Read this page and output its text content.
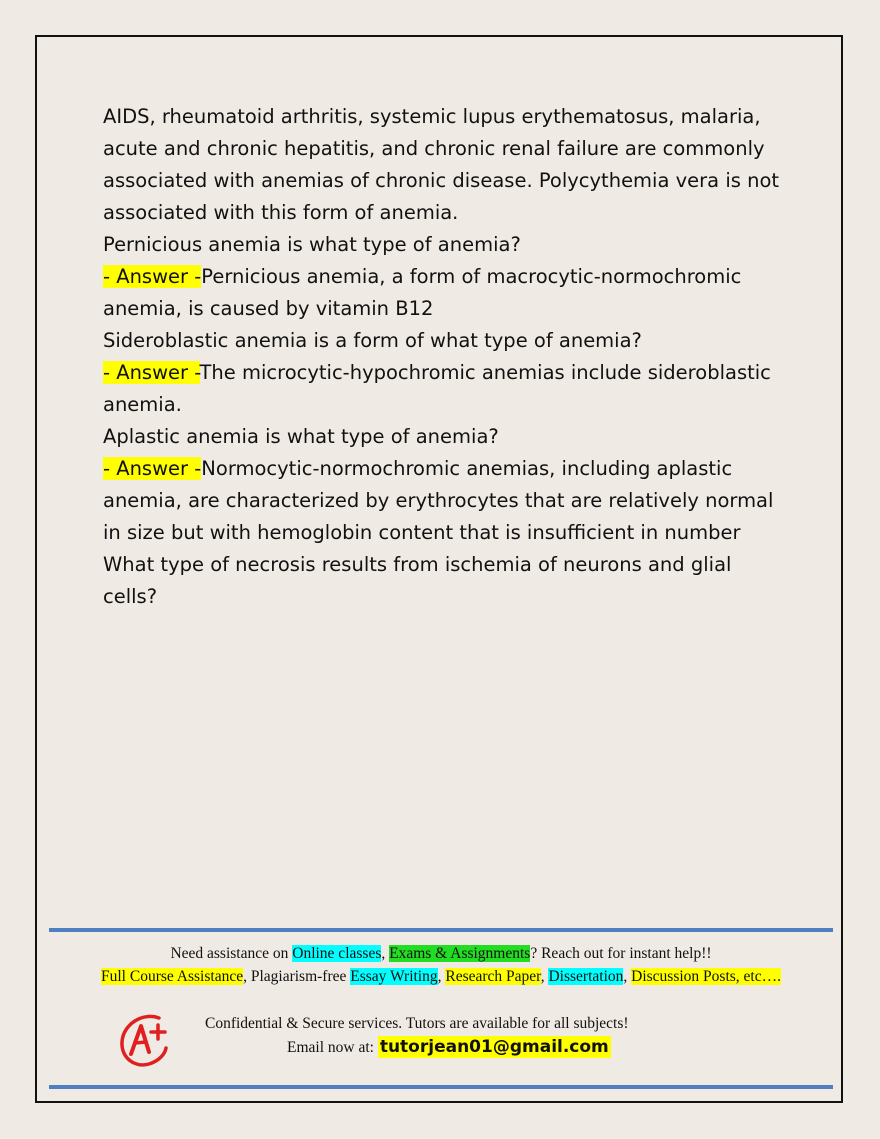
AIDS, rheumatoid arthritis, systemic lupus erythematosus, malaria, acute and chronic hepatitis, and chronic renal failure are commonly associated with anemias of chronic disease. Polycythemia vera is not associated with this form of anemia.

Pernicious anemia is what type of anemia?

- Answer -Pernicious anemia, a form of macrocytic-normochromic anemia, is caused by vitamin B12

Sideroblastic anemia is a form of what type of anemia?

- Answer -The microcytic-hypochromic anemias include sideroblastic anemia.

Aplastic anemia is what type of anemia?

- Answer -Normocytic-normochromic anemias, including aplastic anemia, are characterized by erythrocytes that are relatively normal in size but with hemoglobin content that is insufficient in number

What type of necrosis results from ischemia of neurons and glial cells?

Need assistance on Online classes, Exams & Assignments? Reach out for instant help!!
Full Course Assistance, Plagiarism-free Essay Writing, Research Paper, Dissertation, Discussion Posts, etc….
Confidential & Secure services. Tutors are available for all subjects!
Email now at: tutorjean01@gmail.com
